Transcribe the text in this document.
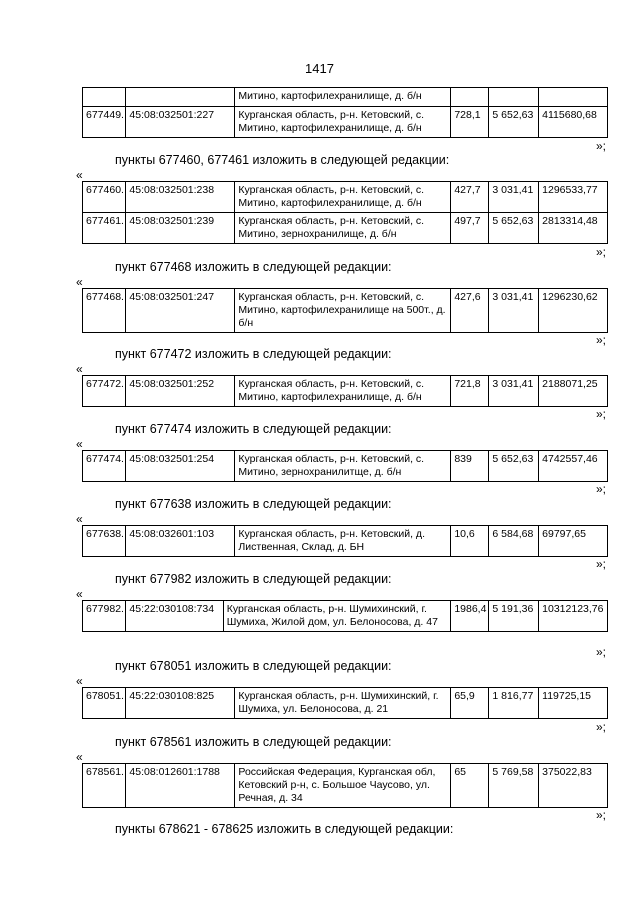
1417
		Митино, картофилехранилище, д. б/н			
677449.	45:08:032501:227	Курганская область, р-н. Кетовский, с. Митино, картофилехранилище, д. б/н	728,1	5 652,63	4115680,68
»;
пункты 677460, 677461 изложить в следующей редакции:
«
677460.	45:08:032501:238	Курганская область, р-н. Кетовский, с. Митино, картофилехранилище, д. б/н	427,7	3 031,41	1296533,77
677461.	45:08:032501:239	Курганская область, р-н. Кетовский, с. Митино, зернохранилище, д. б/н	497,7	5 652,63	2813314,48
»;
пункт 677468 изложить в следующей редакции:
«
677468.	45:08:032501:247	Курганская область, р-н. Кетовский, с. Митино, картофилехранилище на 500т., д. б/н	427,6	3 031,41	1296230,62
»;
пункт 677472 изложить в следующей редакции:
«
677472.	45:08:032501:252	Курганская область, р-н. Кетовский, с. Митино, картофилехранилище, д. б/н	721,8	3 031,41	2188071,25
»;
пункт 677474 изложить в следующей редакции:
«
677474.	45:08:032501:254	Курганская область, р-н. Кетовский, с. Митино, зернохранилитще, д. б/н	839	5 652,63	4742557,46
»;
пункт 677638 изложить в следующей редакции:
«
677638.	45:08:032601:103	Курганская область, р-н. Кетовский, д. Лиственная, Склад, д. БН	10,6	6 584,68	69797,65
»;
пункт 677982 изложить в следующей редакции:
«
677982.	45:22:030108:734	Курганская область, р-н. Шумихинский, г. Шумиха, Жилой дом, ул. Белоносова, д. 47	1986,4	5 191,36	10312123,76
»;
пункт 678051 изложить в следующей редакции:
«
678051.	45:22:030108:825	Курганская область, р-н. Шумихинский, г. Шумиха, ул. Белоносова, д. 21	65,9	1 816,77	119725,15
»;
пункт 678561 изложить в следующей редакции:
«
678561.	45:08:012601:1788	Российская Федерация, Курганская обл, Кетовский р-н, с. Большое Чаусово, ул. Речная, д. 34	65	5 769,58	375022,83
»;
пункты 678621 - 678625 изложить в следующей редакции:
